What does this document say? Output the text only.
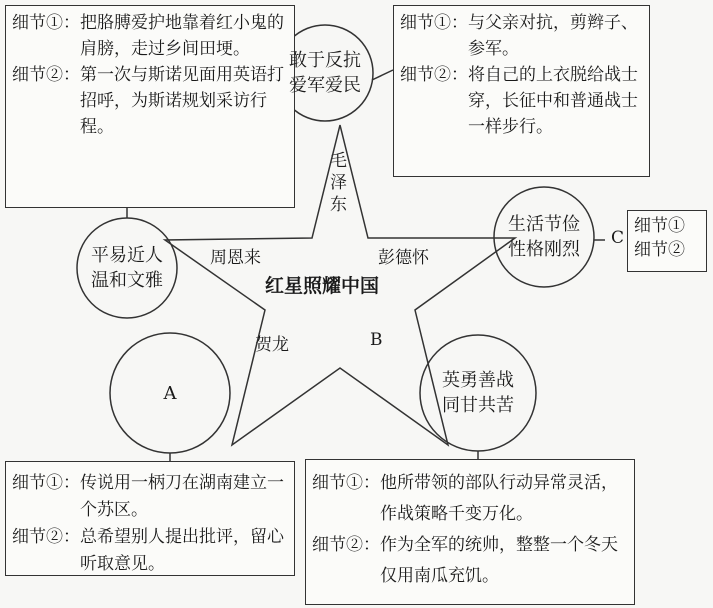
细节①： 把胳膊爱护地靠着红小鬼的肩膀，走过乡间田埂。
细节②： 第一次与斯诺见面用英语打招呼，为斯诺规划采访行程。
细节①： 与父亲对抗，剪辫子、参军。
细节②： 将自己的上衣脱给战士穿，长征中和普通战士一样步行。
C
细节①
细节②
细节①： 传说用一柄刀在湖南建立一个苏区。
细节②： 总希望别人提出批评，留心听取意见。
细节①： 他所带领的部队行动异常灵活，作战策略千变万化。
细节②： 作为全军的统帅，整整一个冬天仅用南瓜充饥。
敢于反抗
爱军爱民
平易近人
温和文雅
生活节俭
性格刚烈
A
英勇善战
同甘共苦
毛
泽
东
周恩来	彭德怀
贺龙	B
红星照耀中国
